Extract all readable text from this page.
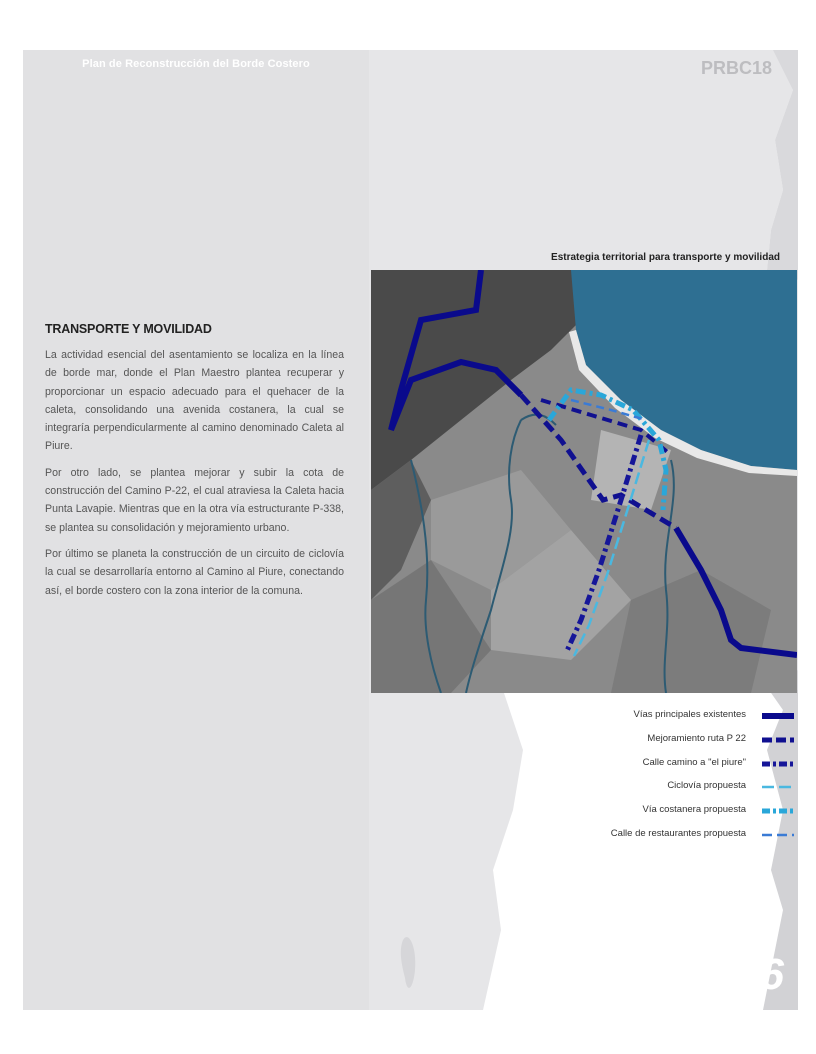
Plan de Reconstrucción del Borde Costero
TRANSPORTE Y MOVILIDAD

La actividad esencial del asentamiento se localiza en la línea de borde mar, donde el Plan Maestro plantea recuperar y proporcionar un espacio adecuado para el quehacer de la caleta, consolidando una avenida costanera, la cual se integraría perpendicularmente al camino denominado Caleta al Piure.

Por otro lado, se plantea mejorar y subir la cota de construcción del Camino P-22, el cual atraviesa la Caleta hacia Punta Lavapie. Mientras que en la otra vía estructurante P-338, se plantea su consolidación y mejoramiento urbano.

Por último se planeta la construcción de un circuito de ciclovía la cual se desarrollaría entorno al Camino al Piure, conectando así, el borde costero con la zona interior de la comuna.

PRBC18
Estrategia territorial para transporte y movilidad
Vías principales existentes
Mejoramiento ruta P 22
Calle camino a "el piure"
Ciclovía propuesta
Vía costanera propuesta
Calle de restaurantes propuesta
26
